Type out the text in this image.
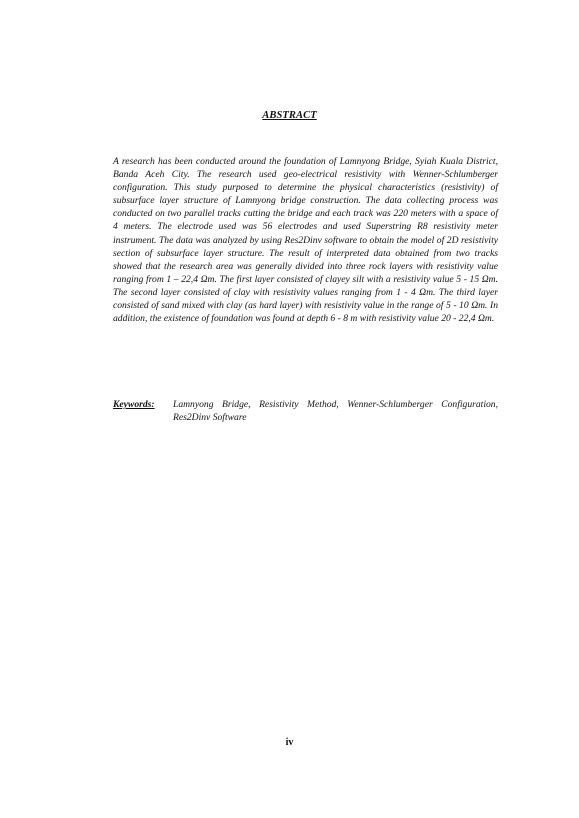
ABSTRACT

A research has been conducted around the foundation of Lamnyong Bridge, Syiah Kuala District, Banda Aceh City. The research used geo-electrical resistivity with Wenner-Schlumberger configuration. This study purposed to determine the physical characteristics (resistivity) of subsurface layer structure of Lamnyong bridge construction. The data collecting process was conducted on two parallel tracks cutting the bridge and each track was 220 meters with a space of 4 meters. The electrode used was 56 electrodes and used Superstring R8 resistivity meter instrument. The data was analyzed by using Res2Dinv software to obtain the model of 2D resistivity section of subsurface layer structure. The result of interpreted data obtained from two tracks showed that the research area was generally divided into three rock layers with resistivity value ranging from 1 – 22,4 Ωm. The first layer consisted of clayey silt with a resistivity value 5 - 15 Ωm. The second layer consisted of clay with resistivity values ranging from 1 - 4 Ωm. The third layer consisted of sand mixed with clay (as hard layer) with resistivity value in the range of 5 - 10 Ωm. In addition, the existence of foundation was found at depth 6 - 8 m with resistivity value 20 - 22,4 Ωm.

Keywords:	Lamnyong Bridge, Resistivity Method, Wenner-Schlumberger Configuration, Res2Dinv Software
iv
